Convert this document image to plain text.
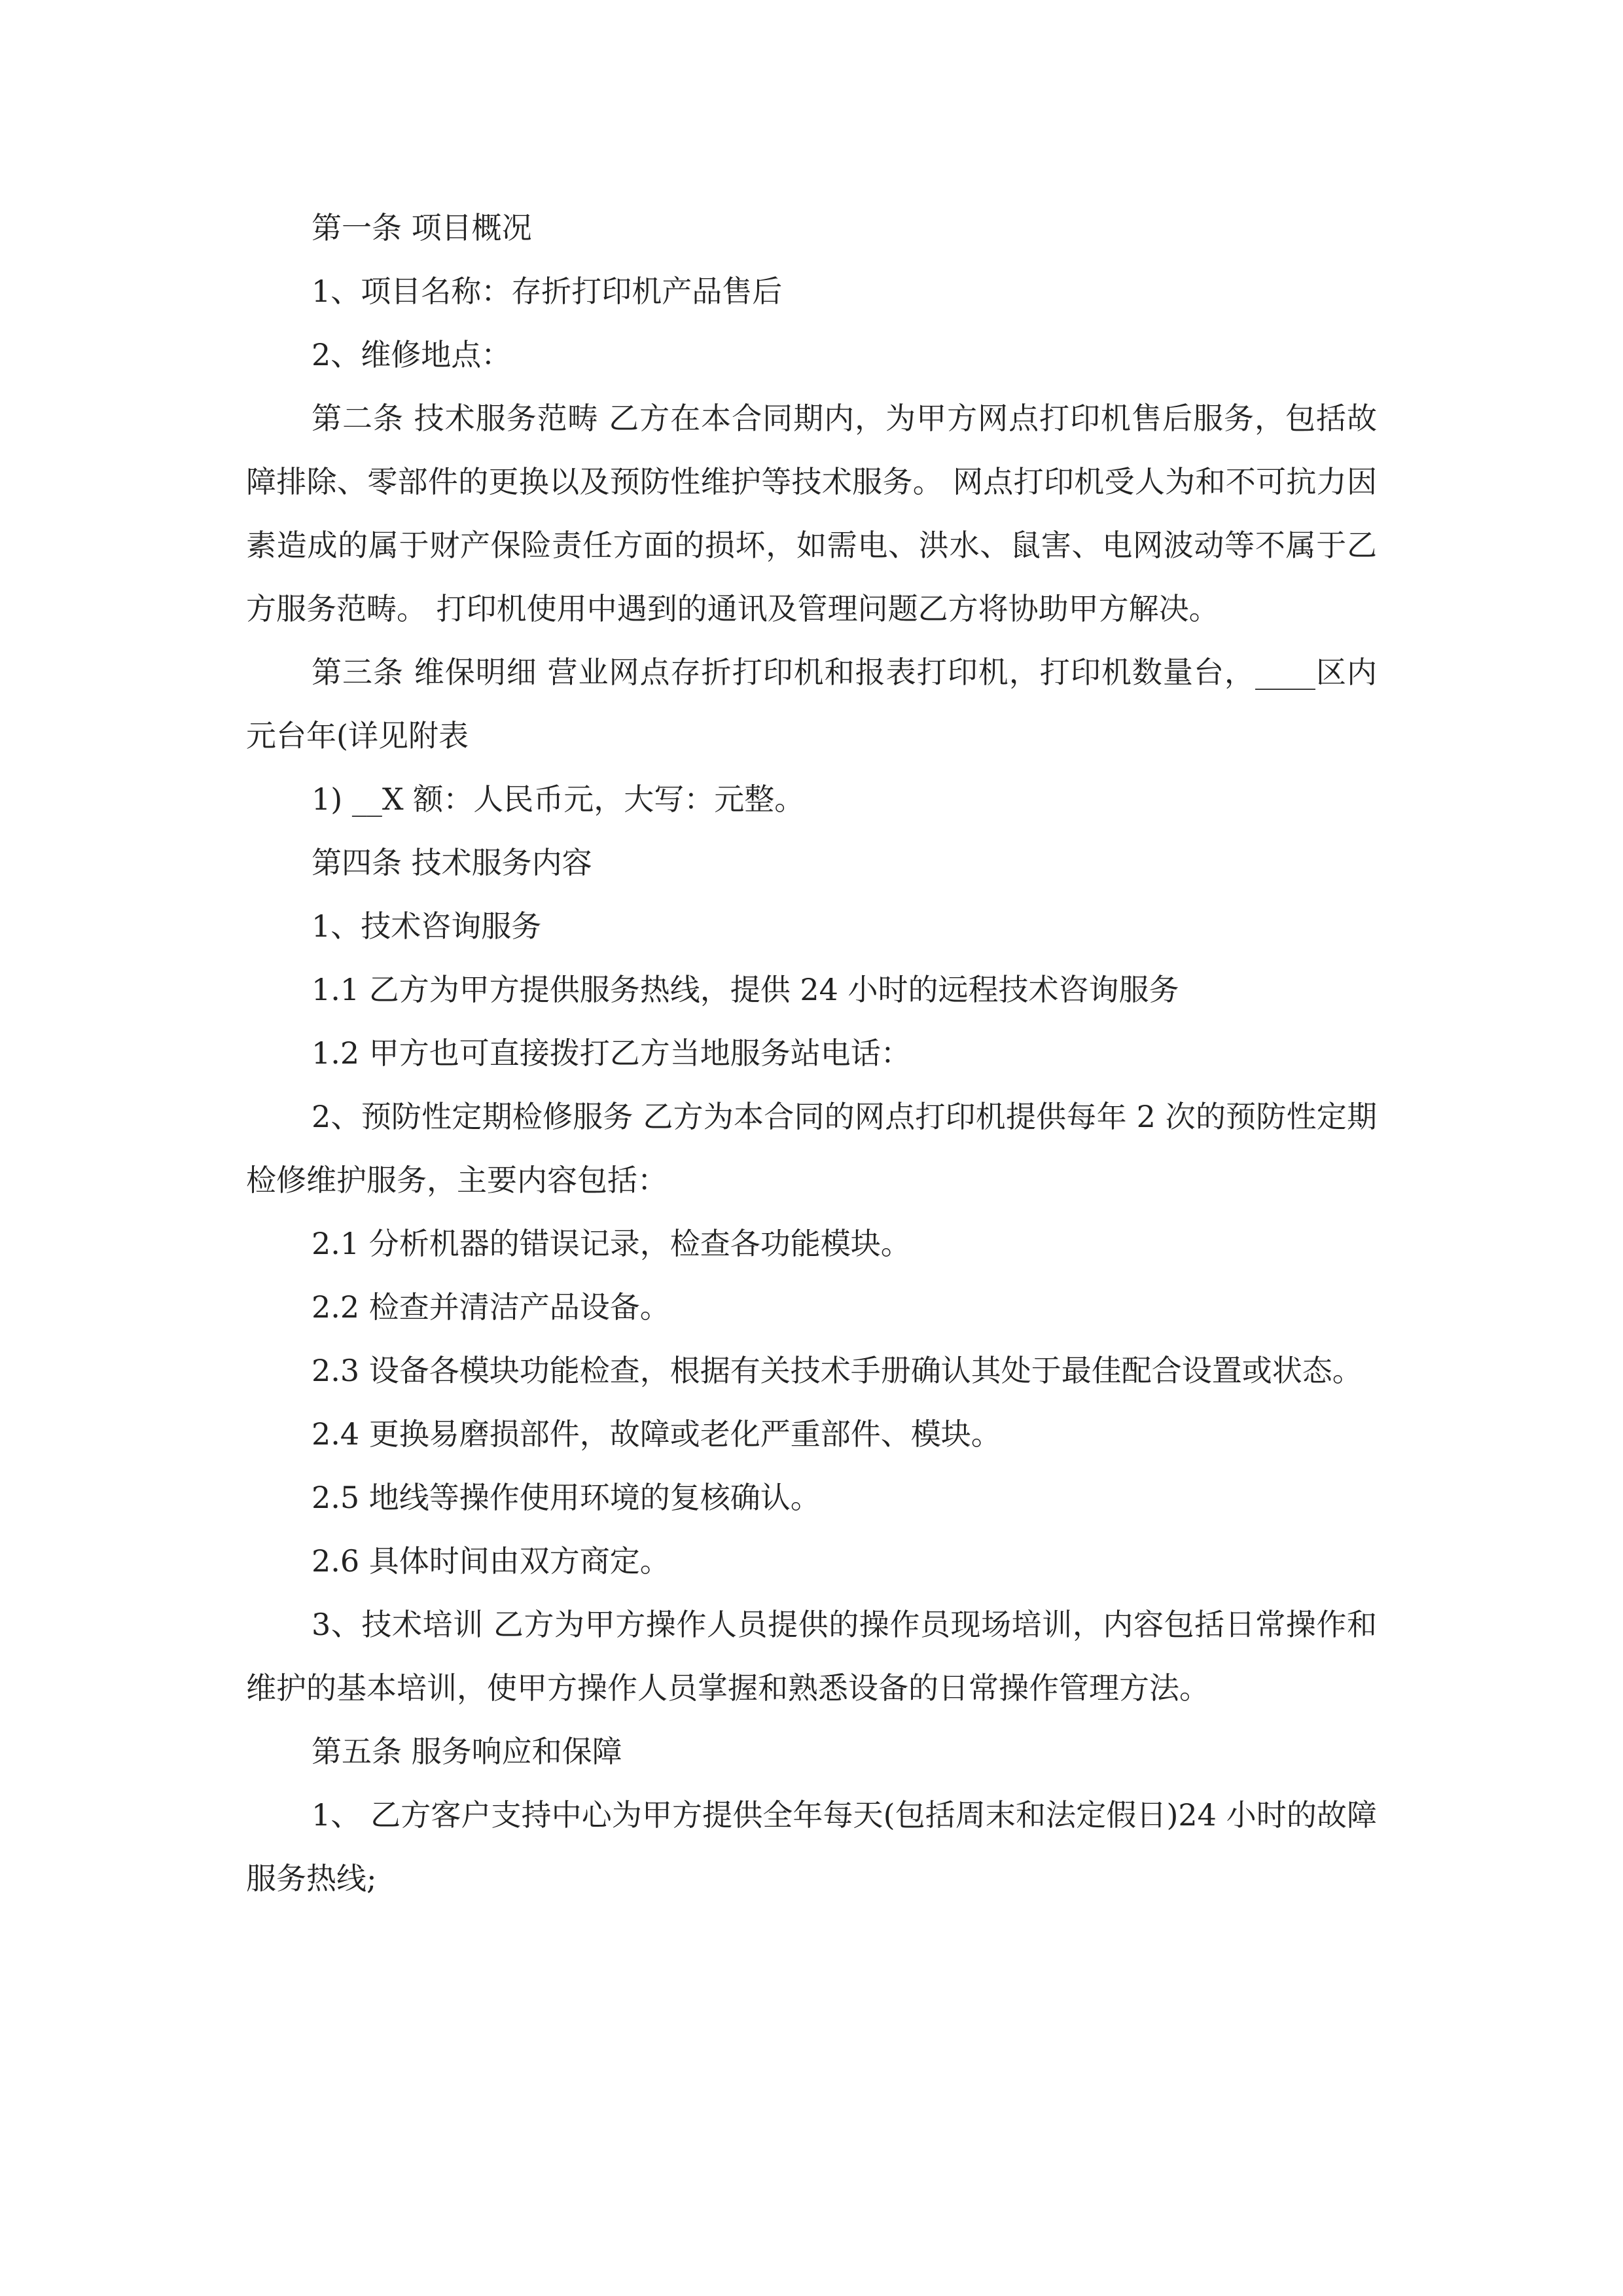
第一条 项目概况

1、项目名称：存折打印机产品售后

2、维修地点：

第二条 技术服务范畴 乙方在本合同期内，为甲方网点打印机售后服务，包括故障排除、零部件的更换以及预防性维护等技术服务。 网点打印机受人为和不可抗力因素造成的属于财产保险责任方面的损坏，如需电、洪水、鼠害、电网波动等不属于乙方服务范畴。 打印机使用中遇到的通讯及管理问题乙方将协助甲方解决。

第三条 维保明细 营业网点存折打印机和报表打印机，打印机数量台，____区内元台年(详见附表

1) __X 额：人民币元，大写：元整。

第四条 技术服务内容

1、技术咨询服务

1.1 乙方为甲方提供服务热线，提供 24 小时的远程技术咨询服务

1.2 甲方也可直接拨打乙方当地服务站电话：

2、预防性定期检修服务 乙方为本合同的网点打印机提供每年 2 次的预防性定期检修维护服务，主要内容包括：

2.1 分析机器的错误记录，检查各功能模块。

2.2 检查并清洁产品设备。

2.3 设备各模块功能检查，根据有关技术手册确认其处于最佳配合设置或状态。

2.4 更换易磨损部件，故障或老化严重部件、模块。

2.5 地线等操作使用环境的复核确认。

2.6 具体时间由双方商定。

3、技术培训 乙方为甲方操作人员提供的操作员现场培训，内容包括日常操作和维护的基本培训，使甲方操作人员掌握和熟悉设备的日常操作管理方法。

第五条 服务响应和保障

1、 乙方客户支持中心为甲方提供全年每天(包括周末和法定假日)24 小时的故障服务热线;
